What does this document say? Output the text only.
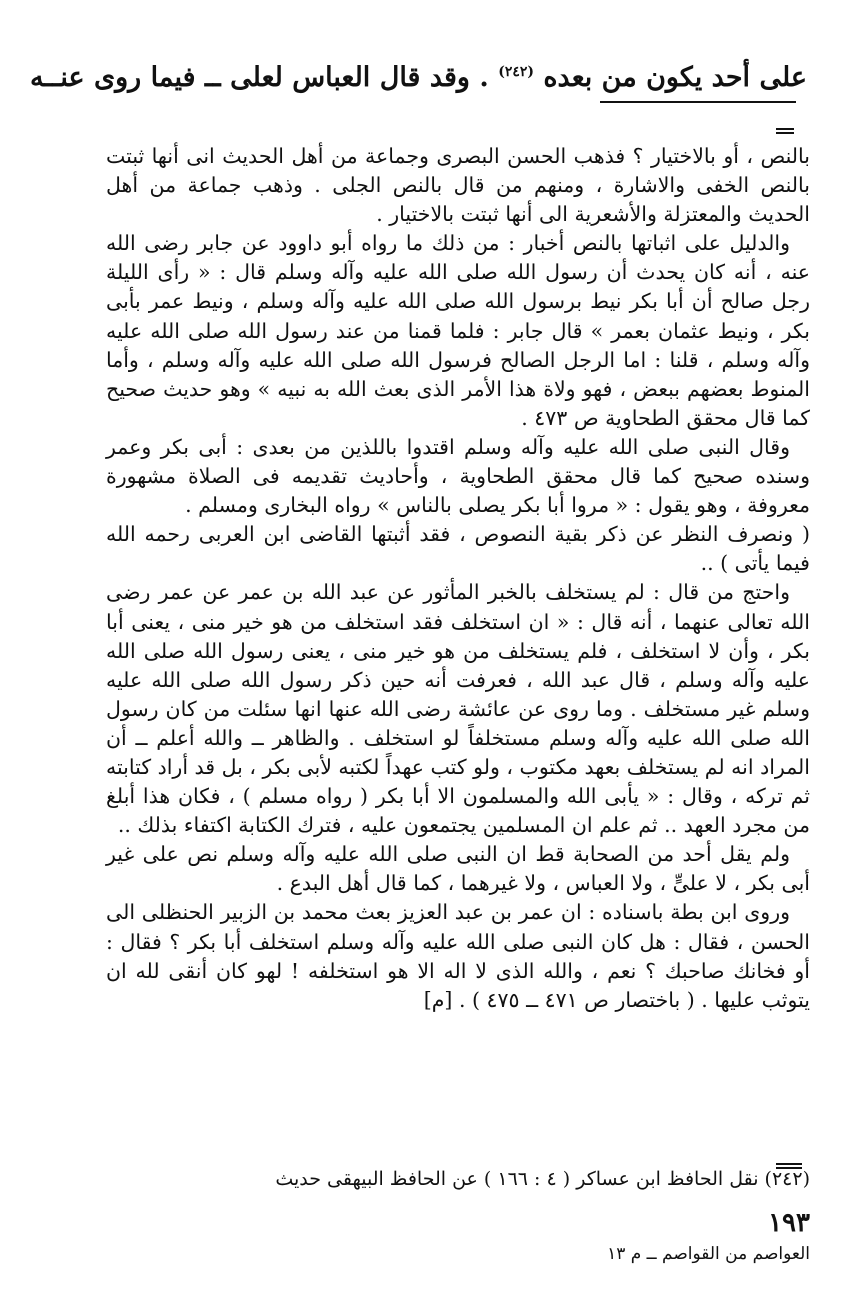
على أحد يكون من بعده $^{(٢٤٢)}$ . وقد قال العباس لعلى ــ فيما روى عنــه

بالنص ، أو بالاختيار ؟ فذهب الحسن البصرى وجماعة من أهل الحديث انى أنها ثبتت بالنص الخفى والاشارة ، ومنهم من قال بالنص الجلى . وذهب جماعة من أهل الحديث والمعتزلة والأشعرية الى أنها ثبتت بالاختيار .

والدليل على اثباتها بالنص أخبار : من ذلك ما رواه أبو داوود عن جابر رضى الله عنه ، أنه كان يحدث أن رسول الله صلى الله عليه وآله وسلم قال : « رأى الليلة رجل صالح أن أبا بكر نيط برسول الله صلى الله عليه وآله وسلم ، ونيط عمر بأبى بكر ، ونيط عثمان بعمر » قال جابر : فلما قمنا من عند رسول الله صلى الله عليه وآله وسلم ، قلنا : اما الرجل الصالح فرسول الله صلى الله عليه وآله وسلم ، وأما المنوط بعضهم ببعض ، فهو ولاة هذا الأمر الذى بعث الله به نبيه » وهو حديث صحيح كما قال محقق الطحاوية ص ٤٧٣ .

وقال النبى صلى الله عليه وآله وسلم اقتدوا باللذين من بعدى : أبى بكر وعمر وسنده صحيح كما قال محقق الطحاوية ، وأحاديث تقديمه فى الصلاة مشهورة معروفة ، وهو يقول : « مروا أبا بكر يصلى بالناس » رواه البخارى ومسلم .

( ونصرف النظر عن ذكر بقية النصوص ، فقد أثبتها القاضى ابن العربى رحمه الله فيما يأتى ) ..

واحتج من قال : لم يستخلف بالخبر المأثور عن عبد الله بن عمر عن عمر رضى الله تعالى عنهما ، أنه قال : « ان استخلف فقد استخلف من هو خير منى ، يعنى أبا بكر ، وأن لا استخلف ، فلم يستخلف من هو خير منى ، يعنى رسول الله صلى الله عليه وآله وسلم ، قال عبد الله ، فعرفت أنه حين ذكر رسول الله صلى الله عليه وسلم غير مستخلف . وما روى عن عائشة رضى الله عنها انها سئلت من كان رسول الله صلى الله عليه وآله وسلم مستخلفاً لو استخلف . والظاهر ــ والله أعلم ــ أن المراد انه لم يستخلف بعهد مكتوب ، ولو كتب عهداً لكتبه لأبى بكر ، بل قد أراد كتابته ثم تركه ، وقال : « يأبى الله والمسلمون الا أبا بكر ( رواه مسلم ) ، فكان هذا أبلغ من مجرد العهد .. ثم علم ان المسلمين يجتمعون عليه ، فترك الكتابة اكتفاء بذلك ..

ولم يقل أحد من الصحابة قط ان النبى صلى الله عليه وآله وسلم نص على غير أبى بكر ، لا علىٍّ ، ولا العباس ، ولا غيرهما ، كما قال أهل البدع .

وروى ابن بطة باسناده : ان عمر بن عبد العزيز بعث محمد بن الزبير الحنظلى الى الحسن ، فقال : هل كان النبى صلى الله عليه وآله وسلم استخلف أبا بكر ؟ فقال : أو فخانك صاحبك ؟ نعم ، والله الذى لا اله الا هو استخلفه ! لهو كان أنقى لله ان يتوثب عليها . ( باختصار ص ٤٧١ ــ ٤٧٥ ) . [م]

(٢٤٢) نقل الحافظ ابن عساكر ( ٤ : ١٦٦ ) عن الحافظ البيهقى حديث
١٩٣
العواصم من القواصم ــ م ١٣
